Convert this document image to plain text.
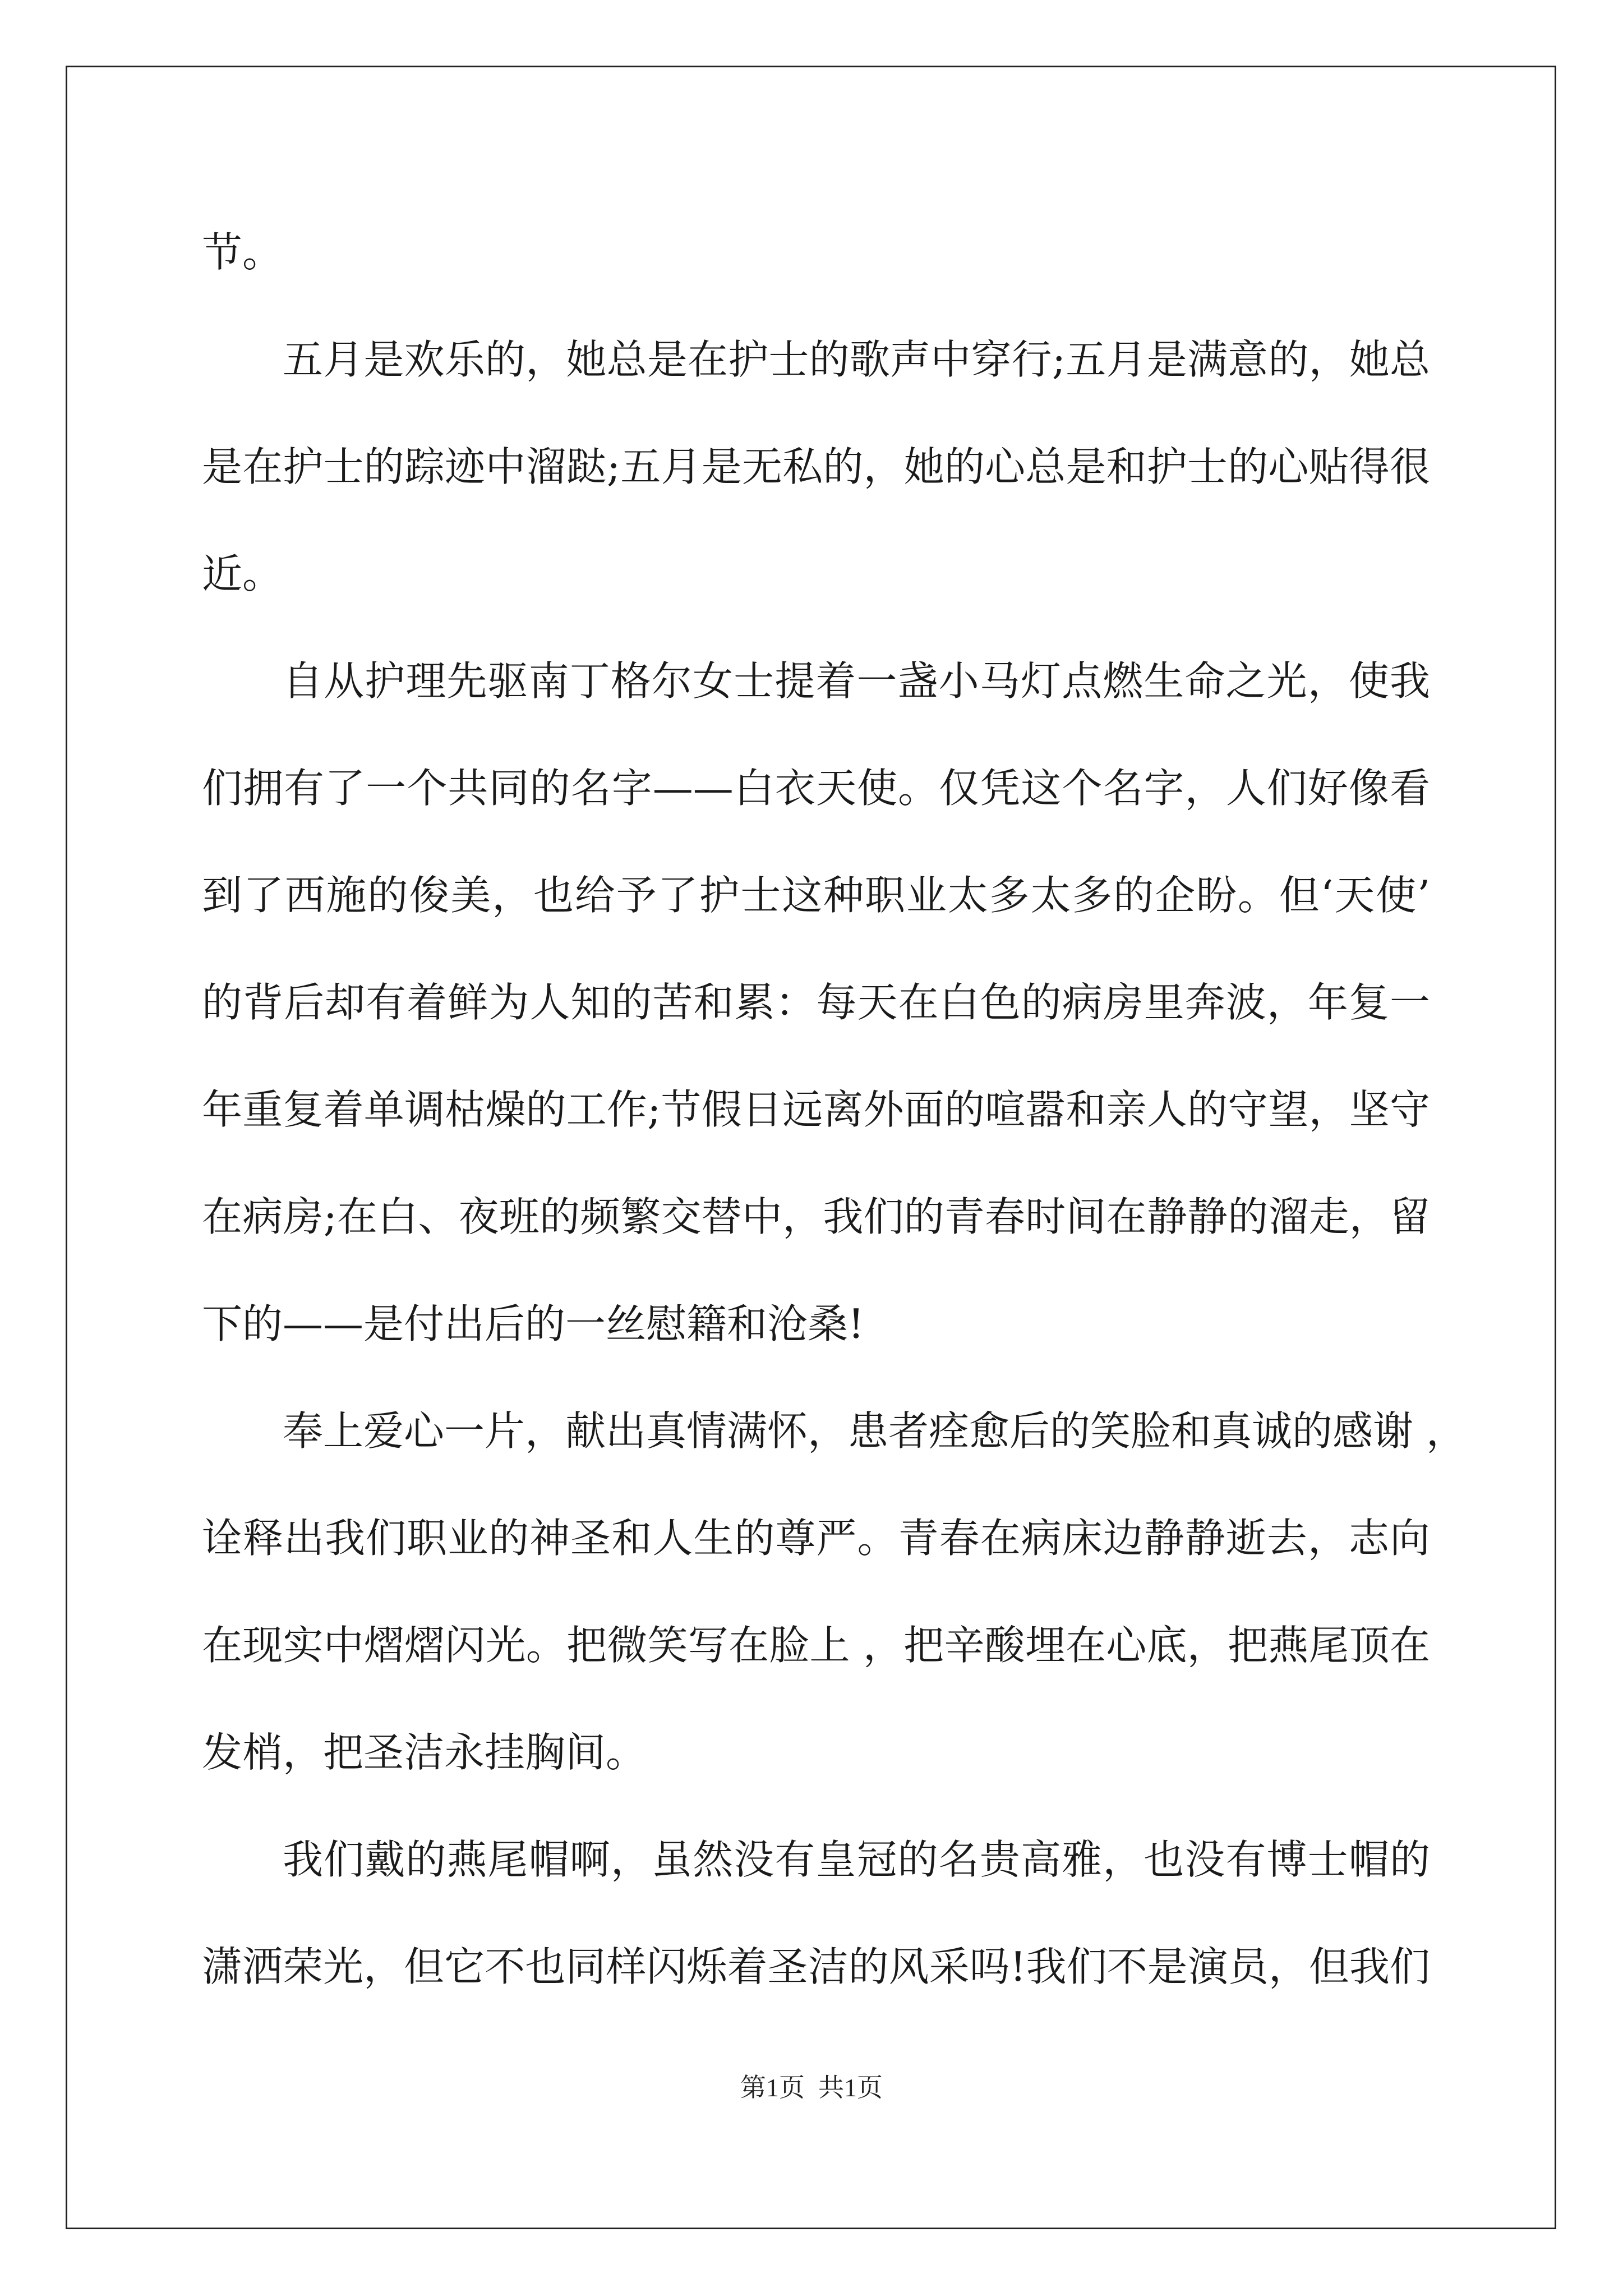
节。
五月是欢乐的，她总是在护士的歌声中穿行;五月是满意的，她总
是在护士的踪迹中溜跶;五月是无私的，她的心总是和护士的心贴得很
近。
自从护理先驱南丁格尔女士提着一盏小马灯点燃生命之光，使我
们拥有了一个共同的名字——白衣天使。仅凭这个名字，人们好像看
到了西施的俊美，也给予了护士这种职业太多太多的企盼。但‘天使’
的背后却有着鲜为人知的苦和累：每天在白色的病房里奔波，年复一
年重复着单调枯燥的工作;节假日远离外面的喧嚣和亲人的守望，坚守
在病房;在白、夜班的频繁交替中，我们的青春时间在静静的溜走，留
下的——是付出后的一丝慰籍和沧桑!
奉上爱心一片，献出真情满怀，患者痊愈后的笑脸和真诚的感谢 ，
诠释出我们职业的神圣和人生的尊严。青春在病床边静静逝去，志向
在现实中熠熠闪光。把微笑写在脸上 ，把辛酸埋在心底，把燕尾顶在
发梢，把圣洁永挂胸间。
我们戴的燕尾帽啊，虽然没有皇冠的名贵高雅，也没有博士帽的
潇洒荣光，但它不也同样闪烁着圣洁的风采吗!我们不是演员，但我们
第1页 共1页
